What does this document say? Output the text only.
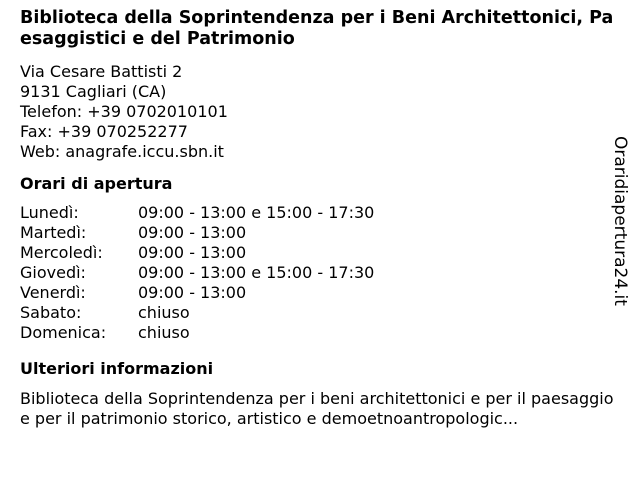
Biblioteca della Soprintendenza per i Beni Architettonici, Paesaggistici e del Patrimonio
Via Cesare Battisti 2
9131 Cagliari (CA)
Telefon: +39 0702010101
Fax: +39 070252277
Web: anagrafe.iccu.sbn.it
Orari di apertura
Lunedì:	09:00 - 13:00 e 15:00 - 17:30
Martedì:	09:00 - 13:00
Mercoledì:	09:00 - 13:00
Giovedì:	09:00 - 13:00 e 15:00 - 17:30
Venerdì:	09:00 - 13:00
Sabato:	chiuso
Domenica:	chiuso
Ulteriori informazioni
Biblioteca della Soprintendenza per i beni architettonici e per il paesaggio e per il patrimonio storico, artistico e demoetnoantropologic...
Oraridiapertura24.it
